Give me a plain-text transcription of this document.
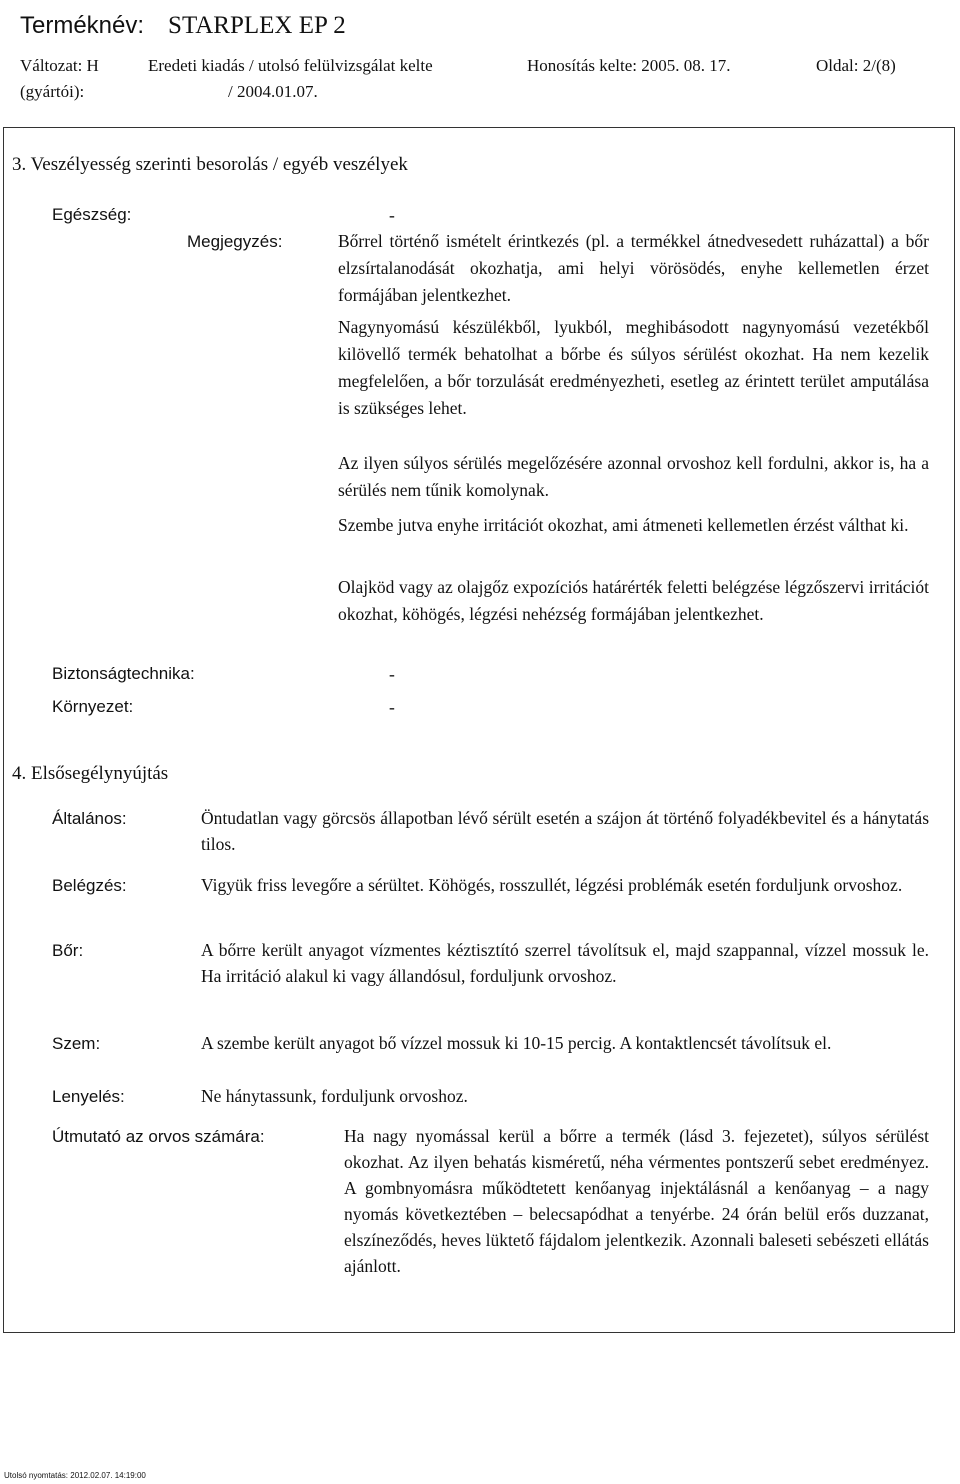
Terméknév: STARPLEX EP 2
Változat: H	Eredeti kiadás / utolsó felülvizsgálat kelte	Honosítás kelte: 2005. 08. 17.	Oldal: 2/(8)
(gyártói):	/ 2004.01.07.
3. Veszélyesség szerinti besorolás / egyéb veszélyek
Egészség:	-
Megjegyzés:	Bőrrel történő ismételt érintkezés (pl. a termékkel átnedvesedett ruházattal) a bőr elzsírtalanodását okozhatja, ami helyi vörösödés, enyhe kellemetlen érzet formájában jelentkezhet.
Nagynyomású készülékből, lyukból, meghibásodott nagynyomású vezetékből kilövellő termék behatolhat a bőrbe és súlyos sérülést okozhat. Ha nem kezelik megfelelően, a bőr torzulását eredményezheti, esetleg az érintett terület amputálása is szükséges lehet.
Az ilyen súlyos sérülés megelőzésére azonnal orvoshoz kell fordulni, akkor is, ha a sérülés nem tűnik komolynak.
Szembe jutva enyhe irritációt okozhat, ami átmeneti kellemetlen érzést válthat ki.
Olajköd vagy az olajgőz expozíciós határérték feletti belégzése légzőszervi irritációt okozhat, köhögés, légzési nehézség formájában jelentkezhet.
Biztonságtechnika:	-
Környezet:	-
4. Elsősegélynyújtás
Általános:	Öntudatlan vagy görcsös állapotban lévő sérült esetén a szájon át történő folyadékbevitel és a hánytatás tilos.
Belégzés:	Vigyük friss levegőre a sérültet. Köhögés, rosszullét, légzési problémák esetén forduljunk orvoshoz.
Bőr:	A bőrre került anyagot vízmentes kéztisztító szerrel távolítsuk el, majd szappannal, vízzel mossuk le. Ha irritáció alakul ki vagy állandósul, forduljunk orvoshoz.
Szem:	A szembe került anyagot bő vízzel mossuk ki 10-15 percig. A kontaktlencsét távolítsuk el.
Lenyelés:	Ne hánytassunk, forduljunk orvoshoz.
Útmutató az orvos számára:	Ha nagy nyomással kerül a bőrre a termék (lásd 3. fejezetet), súlyos sérülést okozhat. Az ilyen behatás kisméretű, néha vérmentes pontszerű sebet eredményez. A gombnyomásra működtetett kenőanyag injektálásnál a kenőanyag – a nagy nyomás következtében – belecsapódhat a tenyérbe. 24 órán belül erős duzzanat, elszíneződés, heves lüktető fájdalom jelentkezik. Azonnali baleseti sebészeti ellátás ajánlott.
Utolsó nyomtatás: 2012.02.07. 14:19:00
